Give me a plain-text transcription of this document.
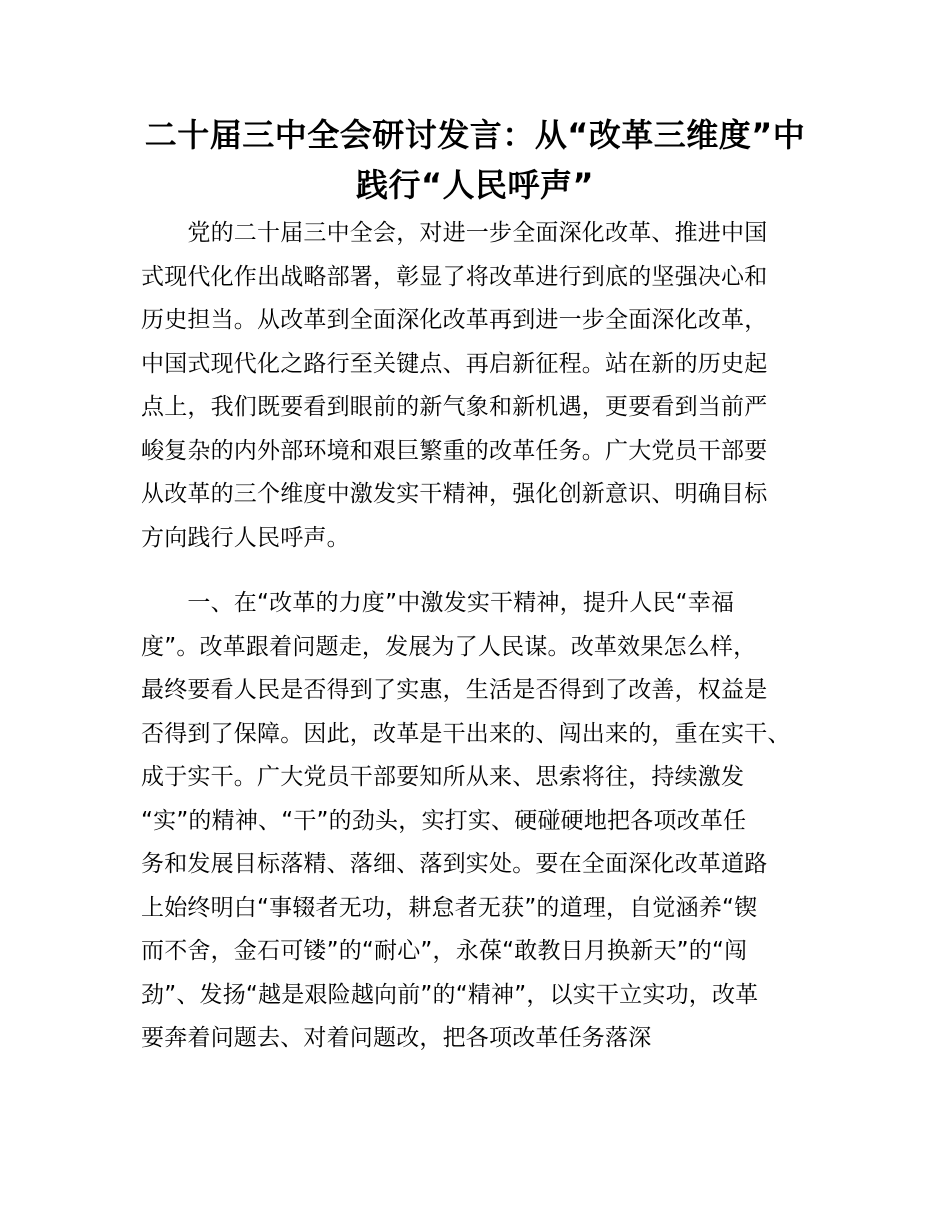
二十届三中全会研讨发言：从“改革三维度”中
践行“人民呼声”
　　党的二十届三中全会，对进一步全面深化改革、推进中国
式现代化作出战略部署，彰显了将改革进行到底的坚强决心和
历史担当。从改革到全面深化改革再到进一步全面深化改革，
中国式现代化之路行至关键点、再启新征程。站在新的历史起
点上，我们既要看到眼前的新气象和新机遇，更要看到当前严
峻复杂的内外部环境和艰巨繁重的改革任务。广大党员干部要
从改革的三个维度中激发实干精神，强化创新意识、明确目标
方向践行人民呼声。
　　一、在“改革的力度”中激发实干精神，提升人民“幸福
度”。改革跟着问题走，发展为了人民谋。改革效果怎么样，
最终要看人民是否得到了实惠，生活是否得到了改善，权益是
否得到了保障。因此，改革是干出来的、闯出来的，重在实干、
成于实干。广大党员干部要知所从来、思索将往，持续激发
“实”的精神、“干”的劲头，实打实、硬碰硬地把各项改革任
务和发展目标落精、落细、落到实处。要在全面深化改革道路
上始终明白“事辍者无功，耕怠者无获”的道理，自觉涵养“锲
而不舍，金石可镂”的“耐心”，永葆“敢教日月换新天”的“闯
劲”、发扬“越是艰险越向前”的“精神”，以实干立实功，改革
要奔着问题去、对着问题改，把各项改革任务落深
